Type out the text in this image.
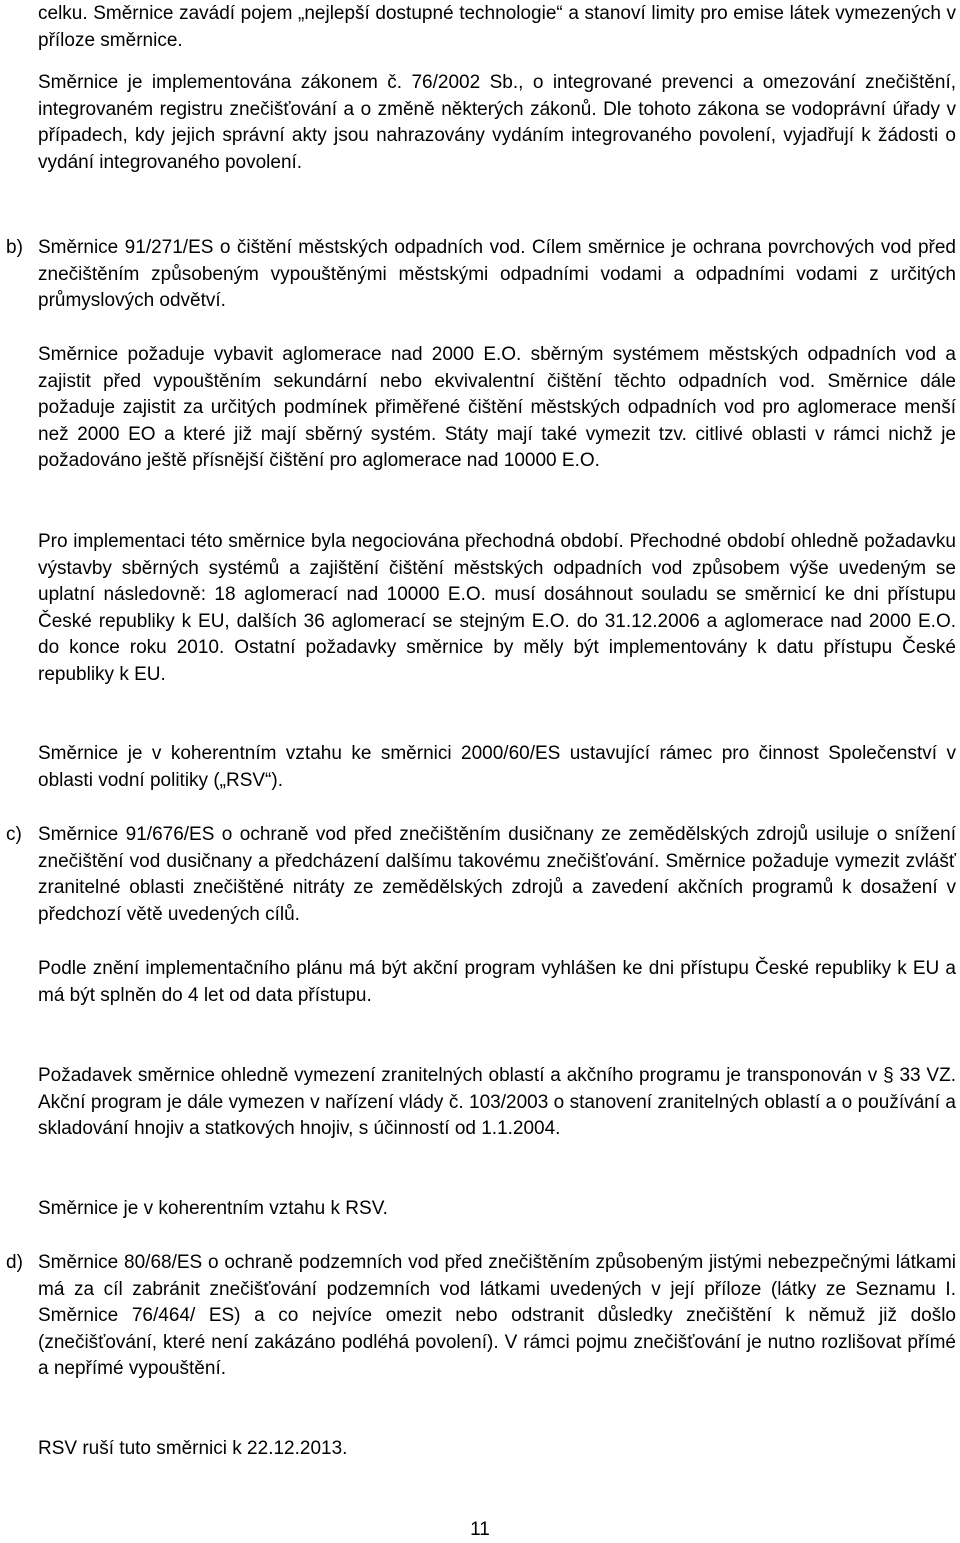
celku. Směrnice zavádí pojem „nejlepší dostupné technologie“ a stanoví limity pro emise látek vymezených v příloze směrnice.

Směrnice je implementována zákonem č. 76/2002 Sb., o integrované prevenci a omezování znečištění, integrovaném registru znečišťování a o změně některých zákonů. Dle tohoto zákona se vodoprávní úřady v případech, kdy jejich správní akty jsou nahrazovány vydáním integrovaného povolení, vyjadřují k žádosti o vydání integrovaného povolení.

b) Směrnice 91/271/ES o čištění městských odpadních vod. Cílem směrnice je ochrana povrchových vod před znečištěním způsobeným vypouštěnými městskými odpadními vodami a odpadními vodami z určitých průmyslových odvětví.

Směrnice požaduje vybavit aglomerace nad 2000 E.O. sběrným systémem městských odpadních vod a zajistit před vypouštěním sekundární nebo ekvivalentní čištění těchto odpadních vod. Směrnice dále požaduje zajistit za určitých podmínek přiměřené čištění městských odpadních vod pro aglomerace menší než 2000 EO a které již mají sběrný systém. Státy mají také vymezit tzv. citlivé oblasti v rámci nichž je požadováno ještě přísnější čištění pro aglomerace nad 10000 E.O.

Pro implementaci této směrnice byla negociována přechodná období. Přechodné období ohledně požadavku výstavby sběrných systémů a zajištění čištění městských odpadních vod způsobem výše uvedeným se uplatní následovně: 18 aglomerací nad 10000 E.O. musí dosáhnout souladu se směrnicí ke dni přístupu České republiky k EU, dalších 36 aglomerací se stejným E.O. do 31.12.2006 a aglomerace nad 2000 E.O. do konce roku 2010. Ostatní požadavky směrnice by měly být implementovány k datu přístupu České republiky k EU.

Směrnice je v koherentním vztahu ke směrnici 2000/60/ES ustavující rámec pro činnost Společenství v oblasti vodní politiky („RSV“).

c) Směrnice 91/676/ES o ochraně vod před znečištěním dusičnany ze zemědělských zdrojů usiluje o snížení znečištění vod dusičnany a předcházení dalšímu takovému znečišťování. Směrnice požaduje vymezit zvlášť zranitelné oblasti znečištěné nitráty ze zemědělských zdrojů a zavedení akčních programů k dosažení v předchozí větě uvedených cílů.

Podle znění implementačního plánu má být akční program vyhlášen ke dni přístupu České republiky k EU a má být splněn do 4 let od data přístupu.

Požadavek směrnice ohledně vymezení zranitelných oblastí a akčního programu je transponován v § 33 VZ. Akční program je dále vymezen v nařízení vlády č. 103/2003 o stanovení zranitelných oblastí a o používání a skladování hnojiv a statkových hnojiv, s účinností od 1.1.2004.

Směrnice je v koherentním vztahu k RSV.

d) Směrnice 80/68/ES o ochraně podzemních vod před znečištěním způsobeným jistými nebezpečnými látkami má za cíl zabránit znečišťování podzemních vod látkami uvedených v její příloze (látky ze Seznamu I. Směrnice 76/464/ ES) a co nejvíce omezit nebo odstranit důsledky znečištění k němuž již došlo (znečišťování, které není zakázáno podléhá povolení). V rámci pojmu znečišťování je nutno rozlišovat přímé a nepřímé vypouštění.

RSV ruší tuto směrnici k 22.12.2013.

11
